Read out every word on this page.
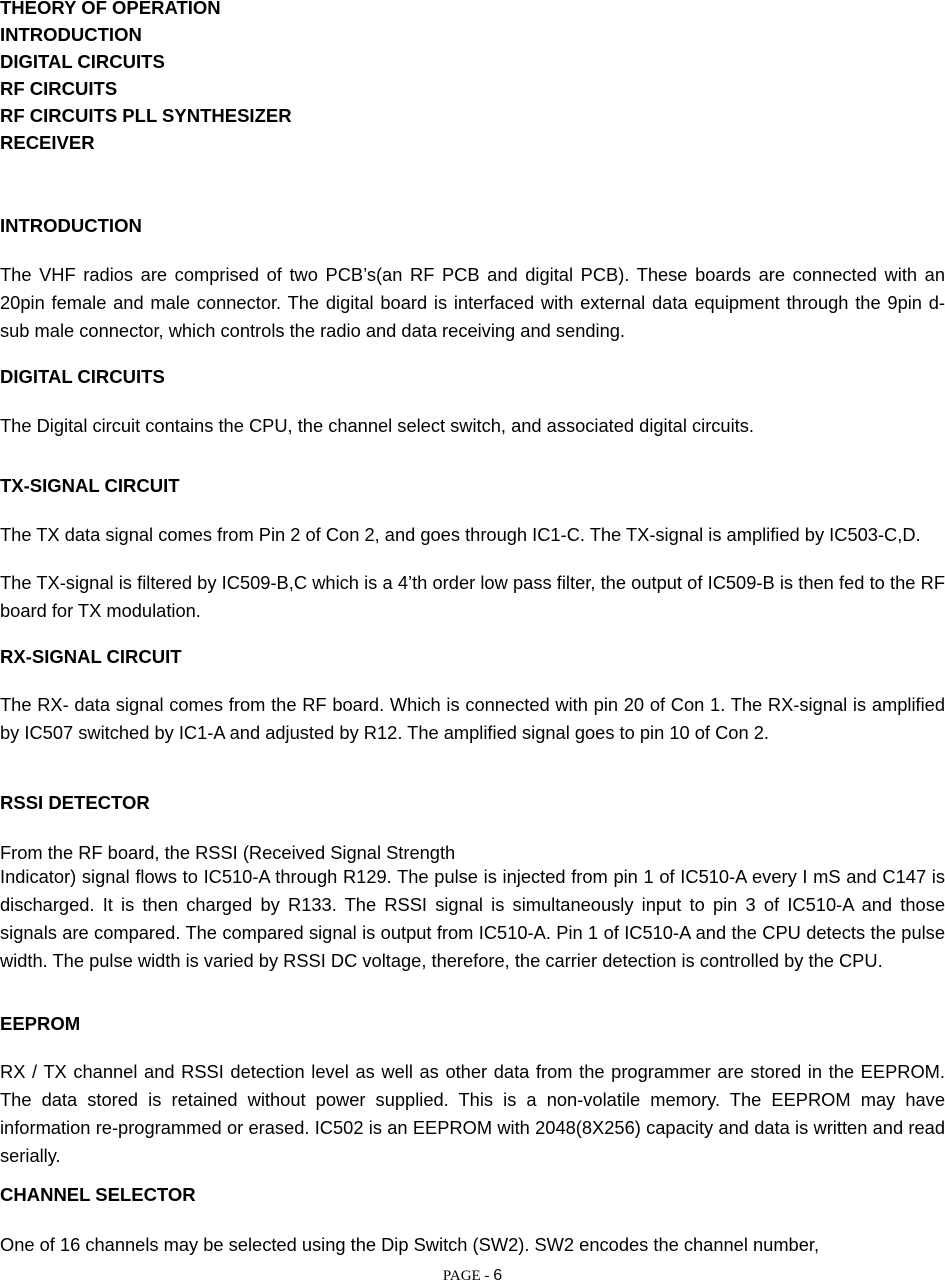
THEORY OF OPERATION
INTRODUCTION
DIGITAL CIRCUITS
RF CIRCUITS
RF CIRCUITS PLL SYNTHESIZER
RECEIVER
INTRODUCTION
The VHF radios are comprised of two PCB’s(an RF PCB and digital PCB). These boards are connected with an 20pin female and male connector. The digital board is interfaced with external data equipment through the 9pin d-sub male connector, which controls the radio and data receiving and sending.
DIGITAL CIRCUITS
The Digital circuit contains the CPU, the channel select switch, and associated digital circuits.
TX-SIGNAL CIRCUIT
The TX data signal comes from Pin 2 of Con 2, and goes through IC1-C. The TX-signal is amplified by IC503-C,D.
The TX-signal is filtered by IC509-B,C which is a 4’th order low pass filter, the output of IC509-B is then fed to the RF board for TX modulation.
RX-SIGNAL CIRCUIT
The RX- data signal comes from the RF board. Which is connected with pin 20 of Con 1. The RX-signal is amplified by IC507 switched by IC1-A and adjusted by R12. The amplified signal goes to pin 10 of Con 2.
RSSI DETECTOR
From the RF board, the RSSI (Received Signal Strength
Indicator) signal flows to IC510-A through R129. The pulse is injected from pin 1 of IC510-A every I mS and C147 is discharged. It is then charged by R133. The RSSI signal is simultaneously input to pin 3 of IC510-A and those signals are compared. The compared signal is output from IC510-A. Pin 1 of IC510-A and the CPU detects the pulse width. The pulse width is varied by RSSI DC voltage, therefore, the carrier detection is controlled by the CPU.
EEPROM
RX / TX channel and RSSI detection level as well as other data from the programmer are stored in the EEPROM. The data stored is retained without power supplied. This is a non-volatile memory. The EEPROM may have information re-programmed or erased. IC502 is an EEPROM with 2048(8X256) capacity and data is written and read serially.
CHANNEL SELECTOR
One of 16 channels may be selected using the Dip Switch (SW2). SW2 encodes the channel number,
PAGE - 6
